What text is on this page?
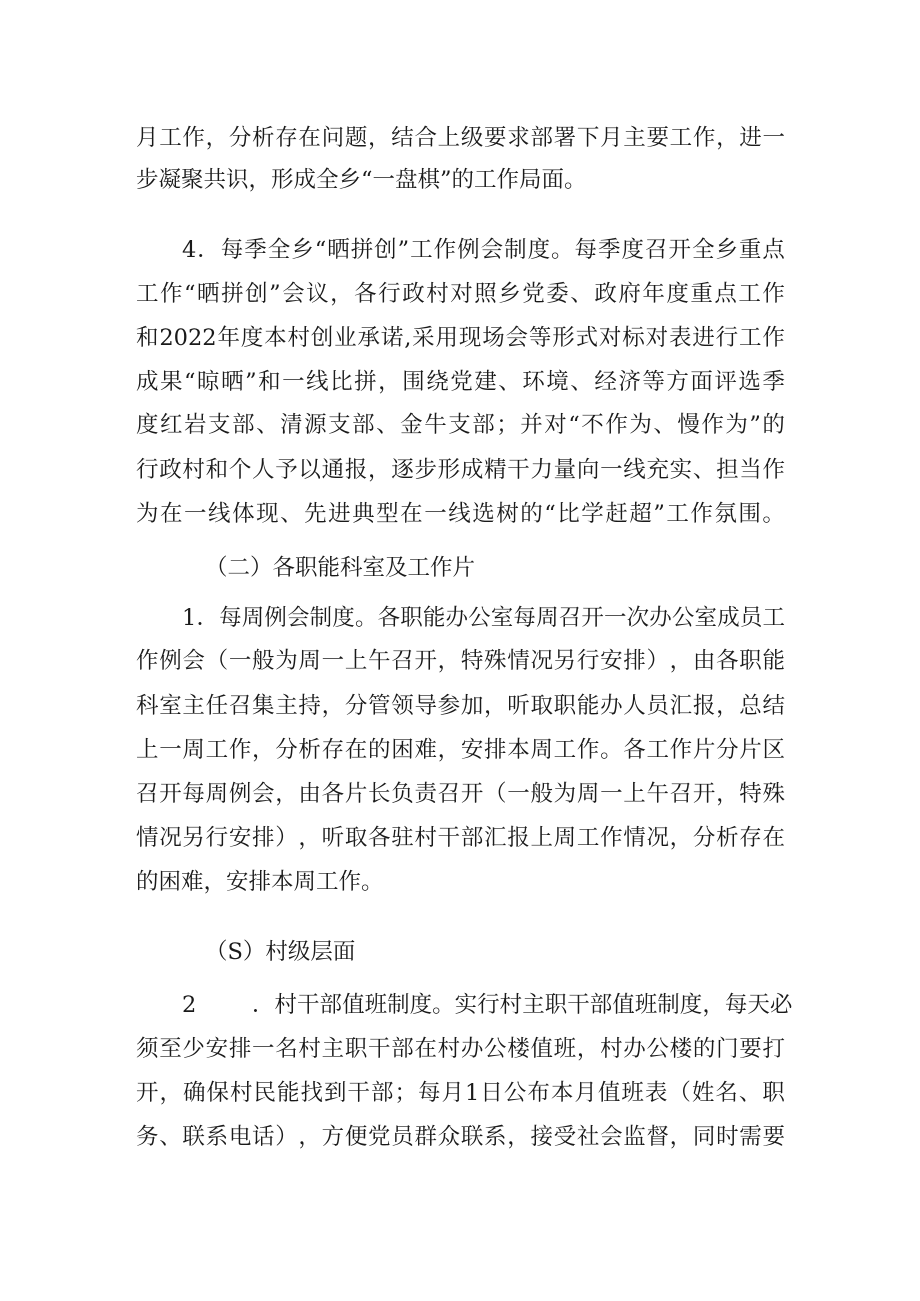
月 工 作 ， 分 析 存 在 问 题 ， 结 合 上 级 要 求 部 署 下 月 主 要 工 作 ， 进 一
步凝聚共识，形成全乡“一盘棋”的工作局面。
4 ． 每 季 全 乡 “ 晒 拼 创 ” 工 作 例 会 制 度 。 每 季 度 召 开 全 乡 重 点
工 作 “ 晒 拼 创 ” 会 议 ， 各 行 政 村 对 照 乡 党 委 、 政 府 年 度 重 点 工 作
和 2022 年 度 本 村 创 业 承 诺 , 采 用 现 场 会 等 形 式 对 标 对 表 进 行 工 作
成 果 “ 晾 晒 ” 和 一 线 比 拼 ， 围 绕 党 建 、 环 境 、 经 济 等 方 面 评 选 季
度 红 岩 支 部 、 清 源 支 部 、 金 牛 支 部 ； 并 对 “ 不 作 为 、 慢 作 为 ” 的
行 政 村 和 个 人 予 以 通 报 ， 逐 步 形 成 精 干 力 量 向 一 线 充 实 、 担 当 作
为 在 一 线 体 现 、 先 进 典 型 在 一 线 选 树 的 “ 比 学 赶 超 ” 工 作 氛 围 。
（二）各职能科室及工作片
1 ． 每 周 例 会 制 度 。 各 职 能 办 公 室 每 周 召 开 一 次 办 公 室 成 员 工
作 例 会 （ 一 般 为 周 一 上 午 召 开 ， 特 殊 情 况 另 行 安 排 ） ， 由 各 职 能
科 室 主 任 召 集 主 持 ， 分 管 领 导 参 加 ， 听 取 职 能 办 人 员 汇 报 ， 总 结
上 一 周 工 作 ， 分 析 存 在 的 困 难 ， 安 排 本 周 工 作 。 各 工 作 片 分 片 区
召 开 每 周 例 会 ， 由 各 片 长 负 责 召 开 （ 一 般 为 周 一 上 午 召 开 ， 特 殊
情 况 另 行 安 排 ） ， 听 取 各 驻 村 干 部 汇 报 上 周 工 作 情 况 ， 分 析 存 在
的困难，安排本周工作。
（S）村级层面
2	． 村 干 部 值 班 制 度 。 实 行 村 主 职 干 部 值 班 制 度 ， 每 天 必
须 至 少 安 排 一 名 村 主 职 干 部 在 村 办 公 楼 值 班 ， 村 办 公 楼 的 门 要 打
开 ， 确 保 村 民 能 找 到 干 部 ； 每 月 1 日 公 布 本 月 值 班 表 （ 姓 名 、 职
务 、 联 系 电 话 ） ， 方 便 党 员 群 众 联 系 ， 接 受 社 会 监 督 ， 同 时 需 要
